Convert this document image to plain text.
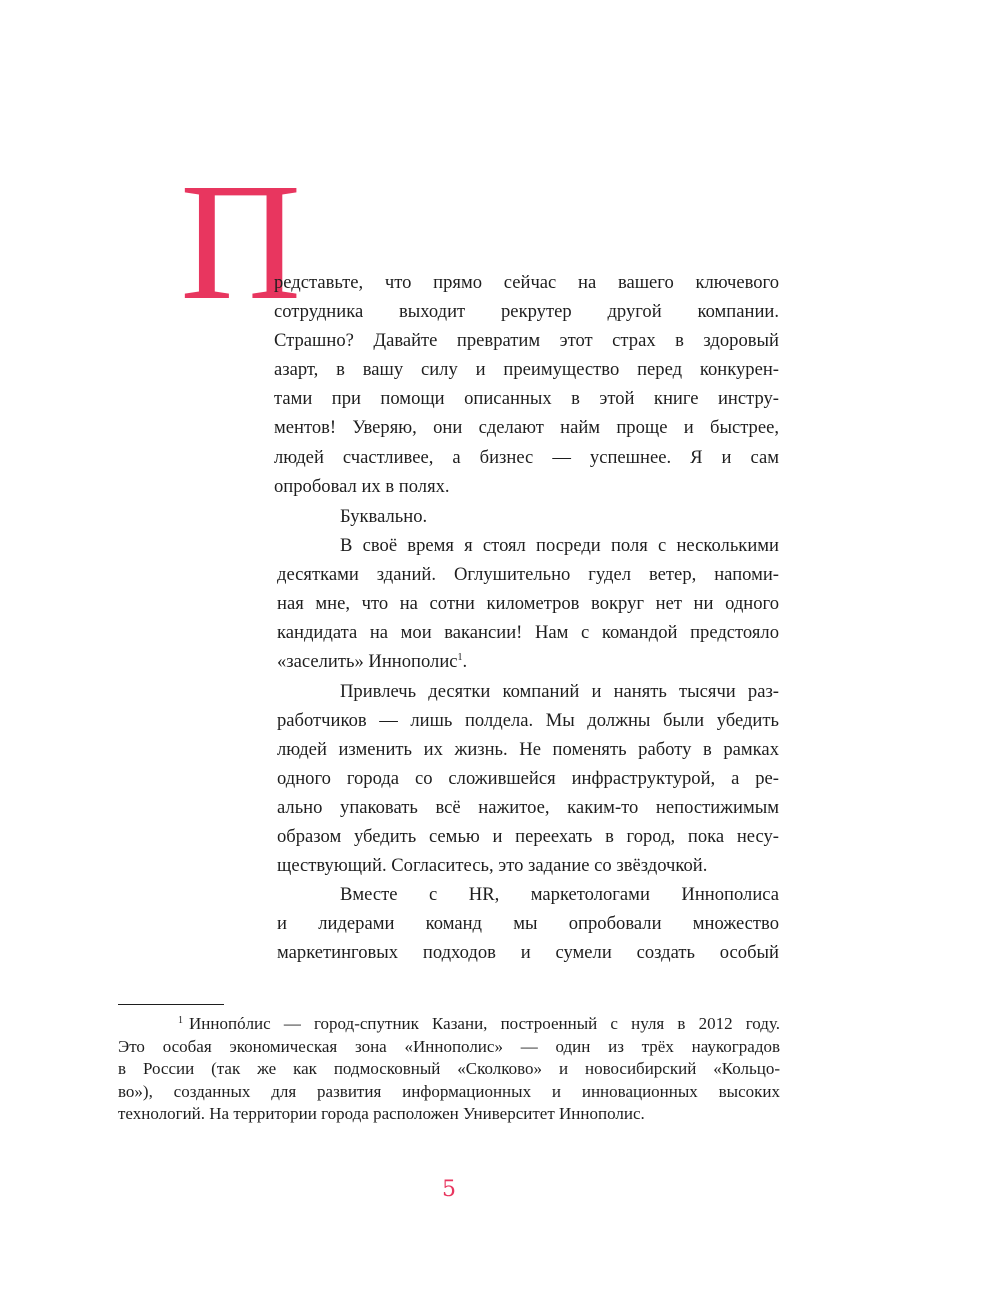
П
редставьте, что прямо сейчас на вашего ключевого
сотрудника выходит рекрутер другой компании.
Страшно? Давайте превратим этот страх в здоровый
азарт, в вашу силу и преимущество перед конкурен-
тами при помощи описанных в этой книге инстру-
ментов! Уверяю, они сделают найм проще и быстрее,
людей счастливее, а бизнес — успешнее. Я и сам
опробовал их в полях.
Буквально.
В своё время я стоял посреди поля с несколькими
десятками зданий. Оглушительно гудел ветер, напоми-
ная мне, что на сотни километров вокруг нет ни одного
кандидата на мои вакансии! Нам с командой предстояло
«заселить» Иннополис$^1$.
Привлечь десятки компаний и нанять тысячи раз-
работчиков — лишь полдела. Мы должны были убедить
людей изменить их жизнь. Не поменять работу в рамках
одного города со сложившейся инфраструктурой, а ре-
ально упаковать всё нажитое, каким-то непостижимым
образом убедить семью и переехать в город, пока несу-
ществующий. Согласитесь, это задание со звёздочкой.
Вместе с HR, маркетологами Иннополиса
и лидерами команд мы опробовали множество
маркетинговых подходов и сумели создать особый
$^1$ Иннопóлис — город-спутник Казани, построенный с нуля в 2012 году.
Это особая экономическая зона «Иннополис» — один из трёх наукоградов
в России (так же как подмосковный «Сколково» и новосибирский «Кольцо-
во»), созданных для развития информационных и инновационных высоких
технологий. На территории города расположен Университет Иннополис.
5
